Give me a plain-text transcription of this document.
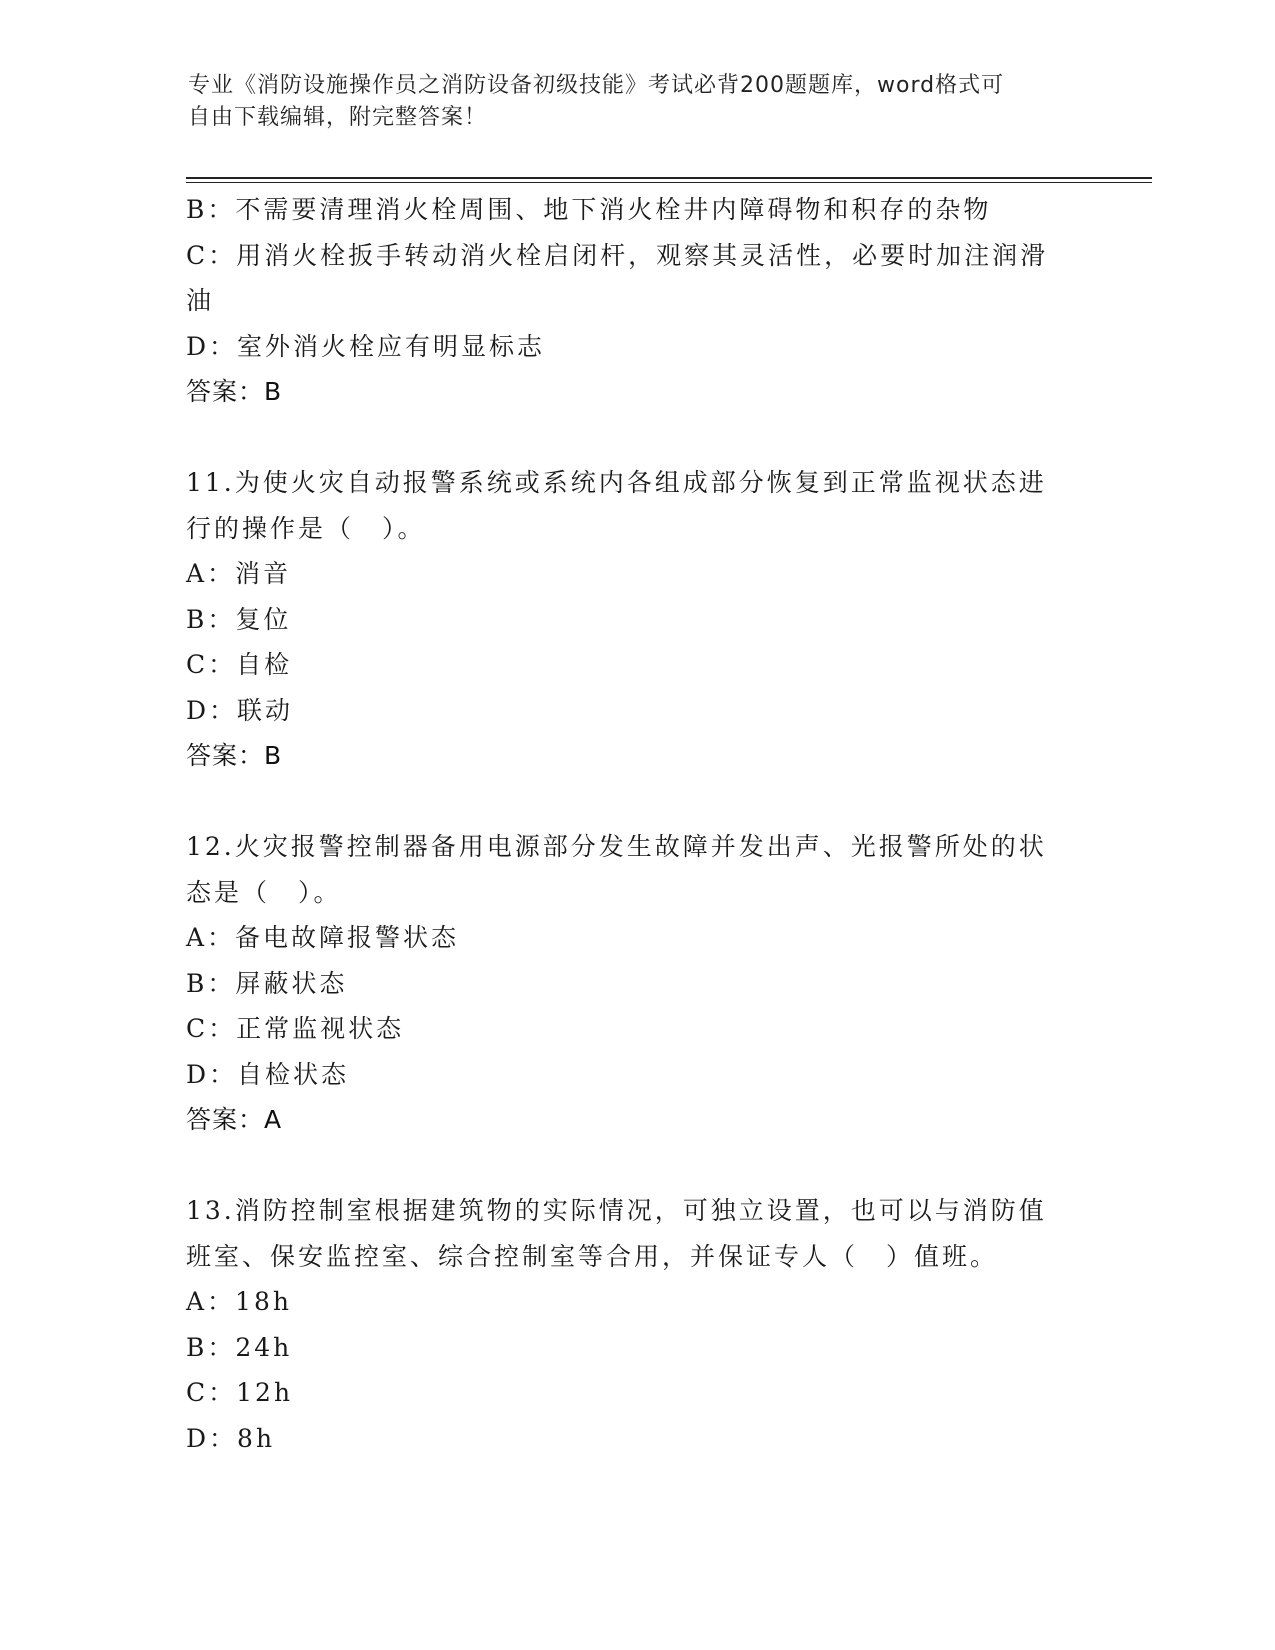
专业《消防设施操作员之消防设备初级技能》考试必背200题题库，word格式可
自由下载编辑，附完整答案！

B：不需要清理消火栓周围、地下消火栓井内障碍物和积存的杂物

C：用消火栓扳手转动消火栓启闭杆，观察其灵活性，必要时加注润滑

油

D：室外消火栓应有明显标志

答案：B

11.为使火灾自动报警系统或系统内各组成部分恢复到正常监视状态进

行的操作是（　）。

A：消音

B：复位

C：自检

D：联动

答案：B

12.火灾报警控制器备用电源部分发生故障并发出声、光报警所处的状

态是（　）。

A：备电故障报警状态

B：屏蔽状态

C：正常监视状态

D：自检状态

答案：A

13.消防控制室根据建筑物的实际情况，可独立设置，也可以与消防值

班室、保安监控室、综合控制室等合用，并保证专人（　）值班。

A：18h

B：24h

C：12h

D：8h
